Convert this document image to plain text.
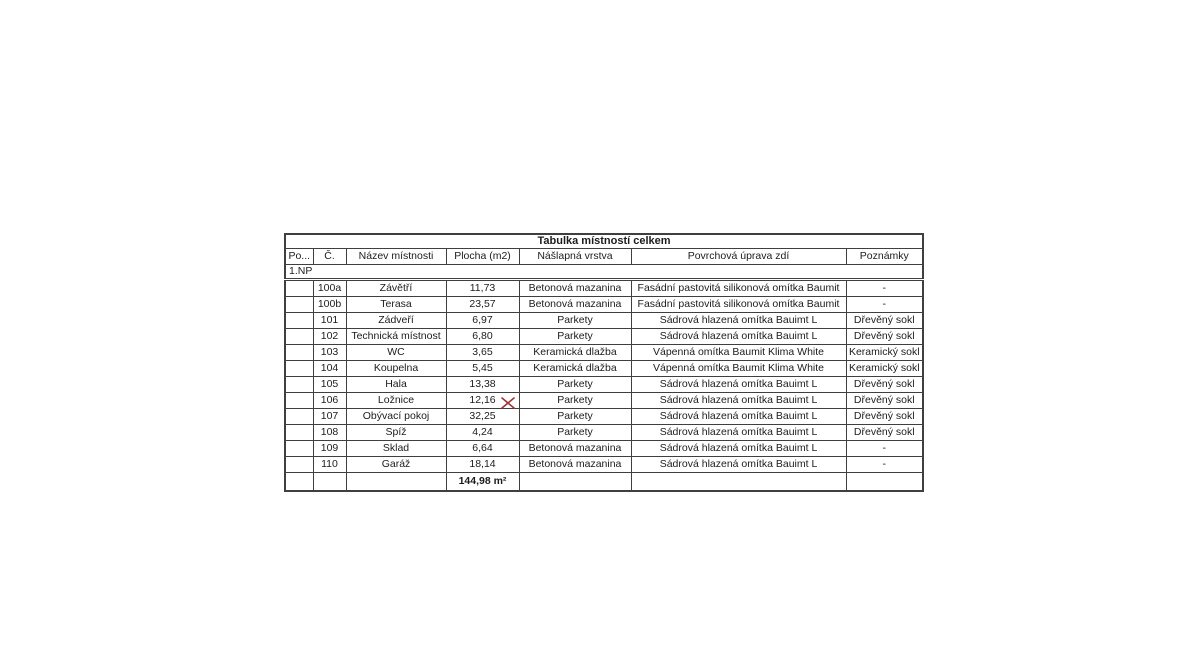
Tabulka místností celkem						
Po...	Č.	Název místnosti	Plocha (m2)	Nášlapná vrstva	Povrchová úprava zdí	Poznámky
1.NP						
	100a	Závětří	11,73	Betonová mazanina	Fasádní pastovitá silikonová omítka Baumit	-
	100b	Terasa	23,57	Betonová mazanina	Fasádní pastovitá silikonová omítka Baumit	-
	101	Zádveří	6,97	Parkety	Sádrová hlazená omítka Bauimt L	Dřevěný sokl
	102	Technická místnost	6,80	Parkety	Sádrová hlazená omítka Bauimt L	Dřevěný sokl
	103	WC	3,65	Keramická dlažba	Vápenná omítka Baumit Klima White	Keramický sokl
	104	Koupelna	5,45	Keramická dlažba	Vápenná omítka Baumit Klima White	Keramický sokl
	105	Hala	13,38	Parkety	Sádrová hlazená omítka Bauimt L	Dřevěný sokl
	106	Ložnice	12,16	Parkety	Sádrová hlazená omítka Bauimt L	Dřevěný sokl
	107	Obývací pokoj	32,25	Parkety	Sádrová hlazená omítka Bauimt L	Dřevěný sokl
	108	Spíž	4,24	Parkety	Sádrová hlazená omítka Bauimt L	Dřevěný sokl
	109	Sklad	6,64	Betonová mazanina	Sádrová hlazená omítka Bauimt L	-
	110	Garáž	18,14	Betonová mazanina	Sádrová hlazená omítka Bauimt L	-
			144,98 m²			
